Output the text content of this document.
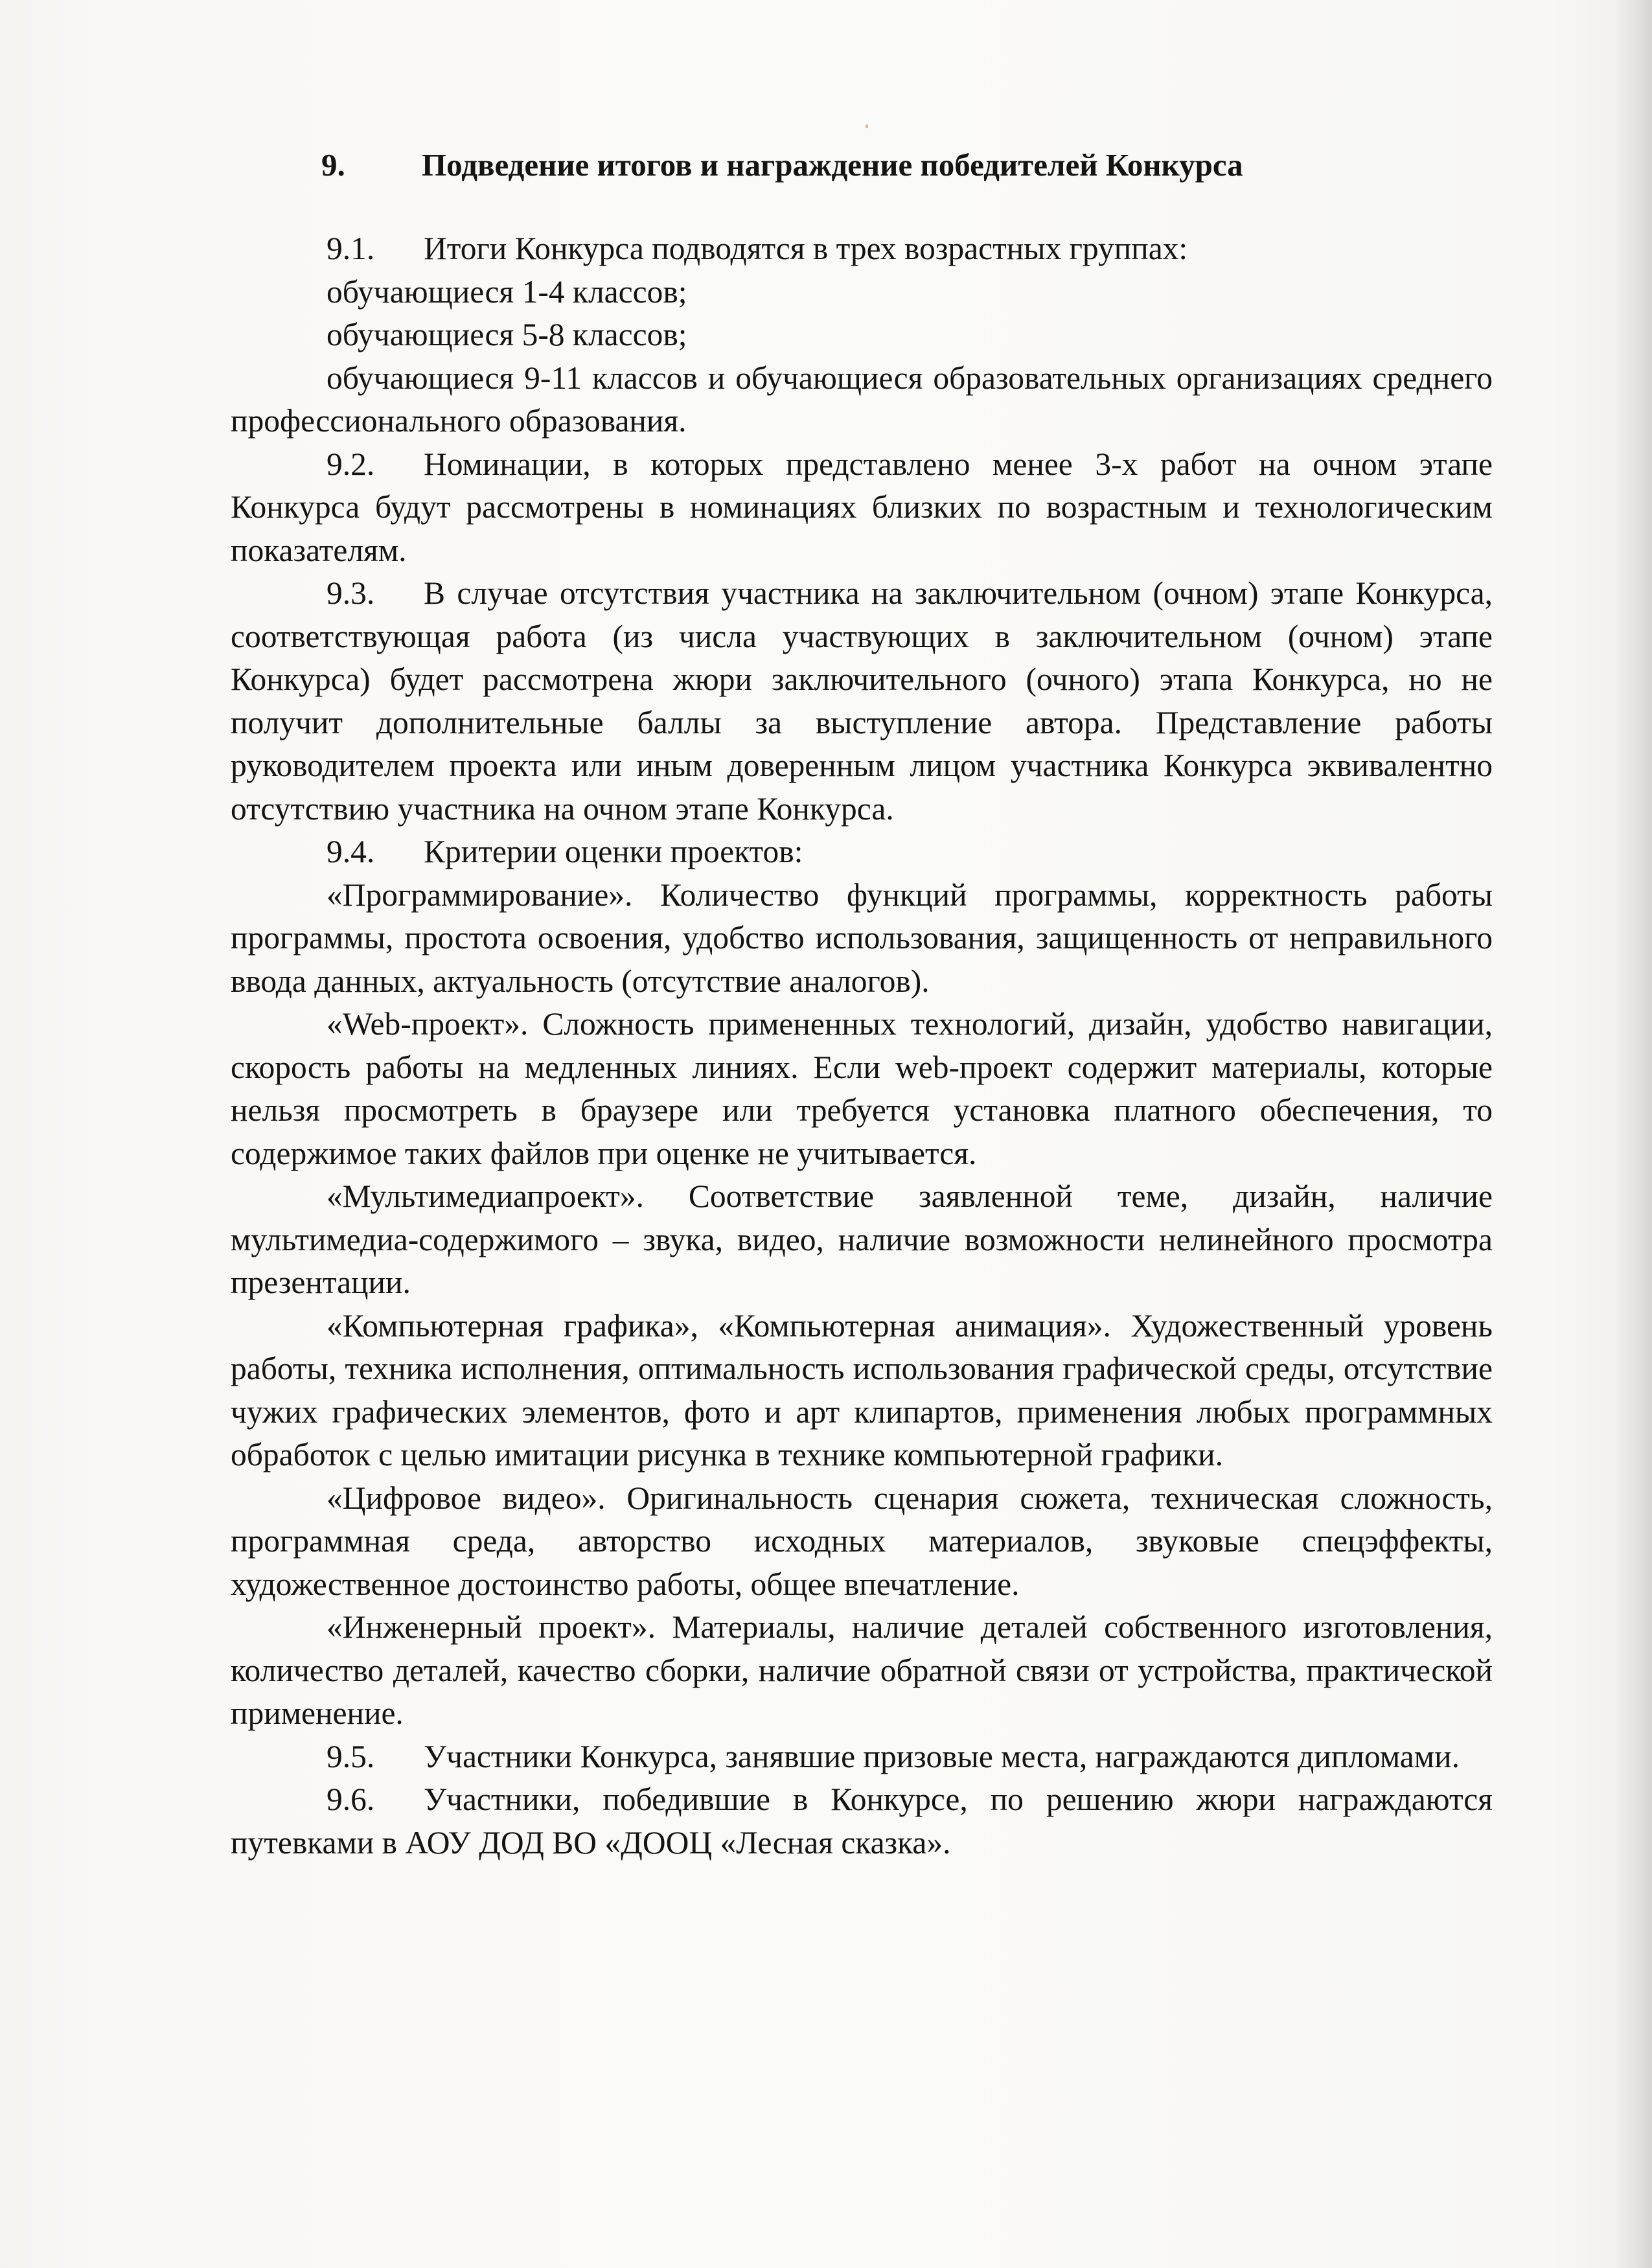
9. Подведение итогов и награждение победителей Конкурса

9.1. Итоги Конкурса подводятся в трех возрастных группах:

обучающиеся 1-4 классов;

обучающиеся 5-8 классов;

обучающиеся 9-11 классов и обучающиеся образовательных организациях среднего профессионального образования.

9.2. Номинации, в которых представлено менее 3-х работ на очном этапе Конкурса будут рассмотрены в номинациях близких по возрастным и технологическим показателям.

9.3. В случае отсутствия участника на заключительном (очном) этапе Конкурса, соответствующая работа (из числа участвующих в заключительном (очном) этапе Конкурса) будет рассмотрена жюри заключительного (очного) этапа Конкурса, но не получит дополнительные баллы за выступление автора. Представление работы руководителем проекта или иным доверенным лицом участника Конкурса эквивалентно отсутствию участника на очном этапе Конкурса.

9.4. Критерии оценки проектов:

«Программирование». Количество функций программы, корректность работы программы, простота освоения, удобство использования, защищенность от неправильного ввода данных, актуальность (отсутствие аналогов).

«Web-проект». Сложность примененных технологий, дизайн, удобство навигации, скорость работы на медленных линиях. Если web-проект содержит материалы, которые нельзя просмотреть в браузере или требуется установка платного обеспечения, то содержимое таких файлов при оценке не учитывается.

«Мультимедиапроект». Соответствие заявленной теме, дизайн, наличие мультимедиа-содержимого – звука, видео, наличие возможности нелинейного просмотра презентации.

«Компьютерная графика», «Компьютерная анимация». Художественный уровень работы, техника исполнения, оптимальность использования графической среды, отсутствие чужих графических элементов, фото и арт клипартов, применения любых программных обработок с целью имитации рисунка в технике компьютерной графики.

«Цифровое видео». Оригинальность сценария сюжета, техническая сложность, программная среда, авторство исходных материалов, звуковые спецэффекты, художественное достоинство работы, общее впечатление.

«Инженерный проект». Материалы, наличие деталей собственного изготовления, количество деталей, качество сборки, наличие обратной связи от устройства, практической применение.

9.5. Участники Конкурса, занявшие призовые места, награждаются дипломами.

9.6. Участники, победившие в Конкурсе, по решению жюри награждаются путевками в АОУ ДОД ВО «ДООЦ «Лесная сказка».
